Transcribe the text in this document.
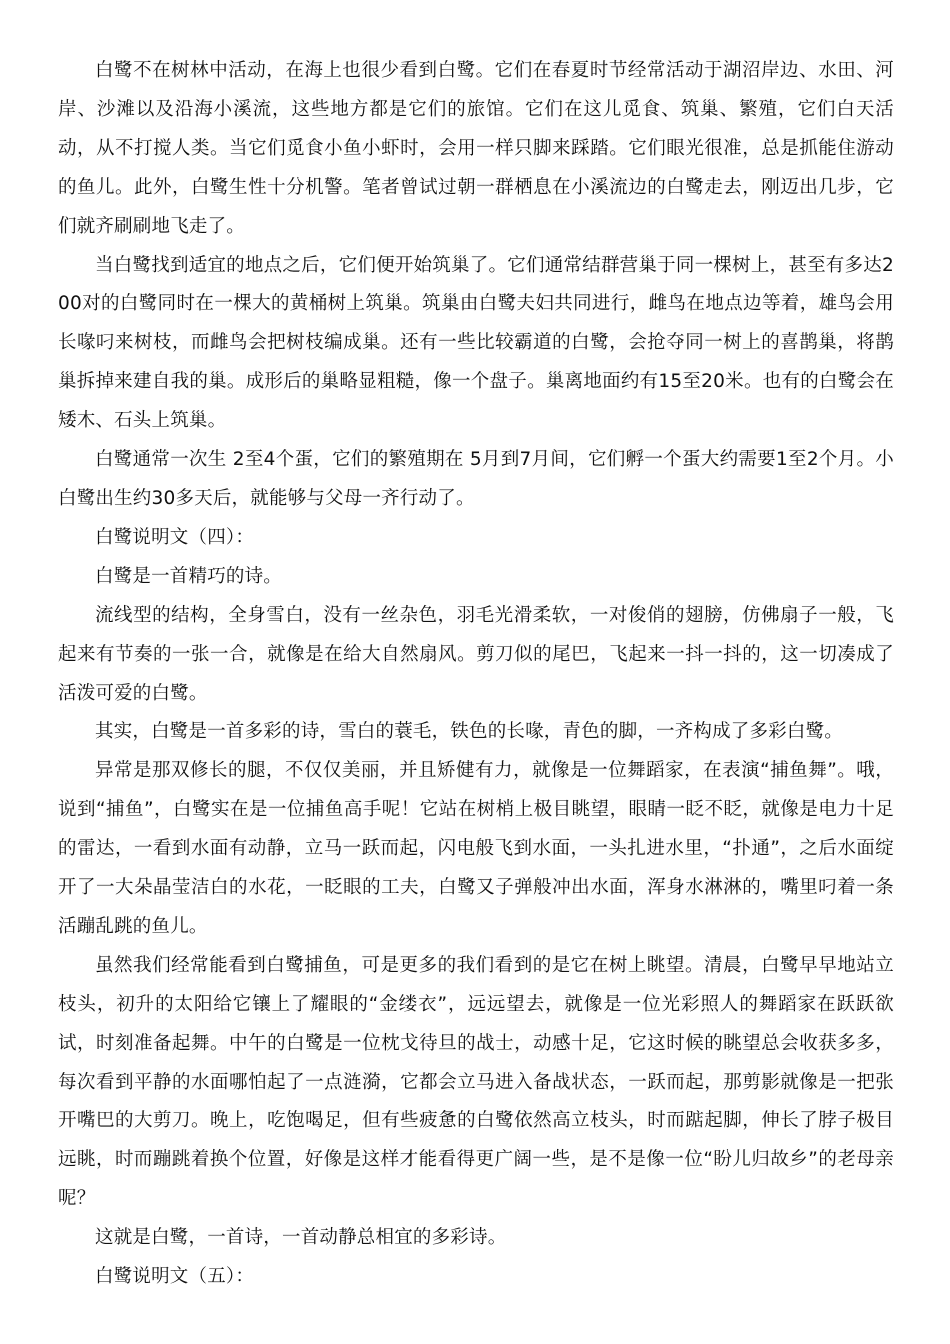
白鹭不在树林中活动，在海上也很少看到白鹭。它们在春夏时节经常活动于湖沼岸边、水田、河岸、沙滩以及沿海小溪流，这些地方都是它们的旅馆。它们在这儿觅食、筑巢、繁殖，它们白天活动，从不打搅人类。当它们觅食小鱼小虾时，会用一样只脚来踩踏。它们眼光很准，总是抓能住游动的鱼儿。此外，白鹭生性十分机警。笔者曾试过朝一群栖息在小溪流边的白鹭走去，刚迈出几步，它们就齐刷刷地飞走了。

当白鹭找到适宜的地点之后，它们便开始筑巢了。它们通常结群营巢于同一棵树上，甚至有多达200对的白鹭同时在一棵大的黄桶树上筑巢。筑巢由白鹭夫妇共同进行，雌鸟在地点边等着，雄鸟会用长喙叼来树枝，而雌鸟会把树枝编成巢。还有一些比较霸道的白鹭，会抢夺同一树上的喜鹊巢，将鹊巢拆掉来建自我的巢。成形后的巢略显粗糙，像一个盘子。巢离地面约有15至20米。也有的白鹭会在矮木、石头上筑巢。

白鹭通常一次生 2至4个蛋，它们的繁殖期在 5月到7月间，它们孵一个蛋大约需要1至2个月。小白鹭出生约30多天后，就能够与父母一齐行动了。

白鹭说明文（四）：

白鹭是一首精巧的诗。

流线型的结构，全身雪白，没有一丝杂色，羽毛光滑柔软，一对俊俏的翅膀，仿佛扇子一般，飞起来有节奏的一张一合，就像是在给大自然扇风。剪刀似的尾巴，飞起来一抖一抖的，这一切凑成了活泼可爱的白鹭。

其实，白鹭是一首多彩的诗，雪白的蓑毛，铁色的长喙，青色的脚，一齐构成了多彩白鹭。

异常是那双修长的腿，不仅仅美丽，并且矫健有力，就像是一位舞蹈家，在表演“捕鱼舞”。哦，说到“捕鱼”，白鹭实在是一位捕鱼高手呢！它站在树梢上极目眺望，眼睛一眨不眨，就像是电力十足的雷达，一看到水面有动静，立马一跃而起，闪电般飞到水面，一头扎进水里，“扑通”，之后水面绽开了一大朵晶莹洁白的水花，一眨眼的工夫，白鹭又子弹般冲出水面，浑身水淋淋的，嘴里叼着一条活蹦乱跳的鱼儿。

虽然我们经常能看到白鹭捕鱼，可是更多的我们看到的是它在树上眺望。清晨，白鹭早早地站立枝头，初升的太阳给它镶上了耀眼的“金缕衣”，远远望去，就像是一位光彩照人的舞蹈家在跃跃欲试，时刻准备起舞。中午的白鹭是一位枕戈待旦的战士，动感十足，它这时候的眺望总会收获多多，每次看到平静的水面哪怕起了一点涟漪，它都会立马进入备战状态，一跃而起，那剪影就像是一把张开嘴巴的大剪刀。晚上，吃饱喝足，但有些疲惫的白鹭依然高立枝头，时而踮起脚，伸长了脖子极目远眺，时而蹦跳着换个位置，好像是这样才能看得更广阔一些，是不是像一位“盼儿归故乡”的老母亲呢？

这就是白鹭，一首诗，一首动静总相宜的多彩诗。

白鹭说明文（五）：
